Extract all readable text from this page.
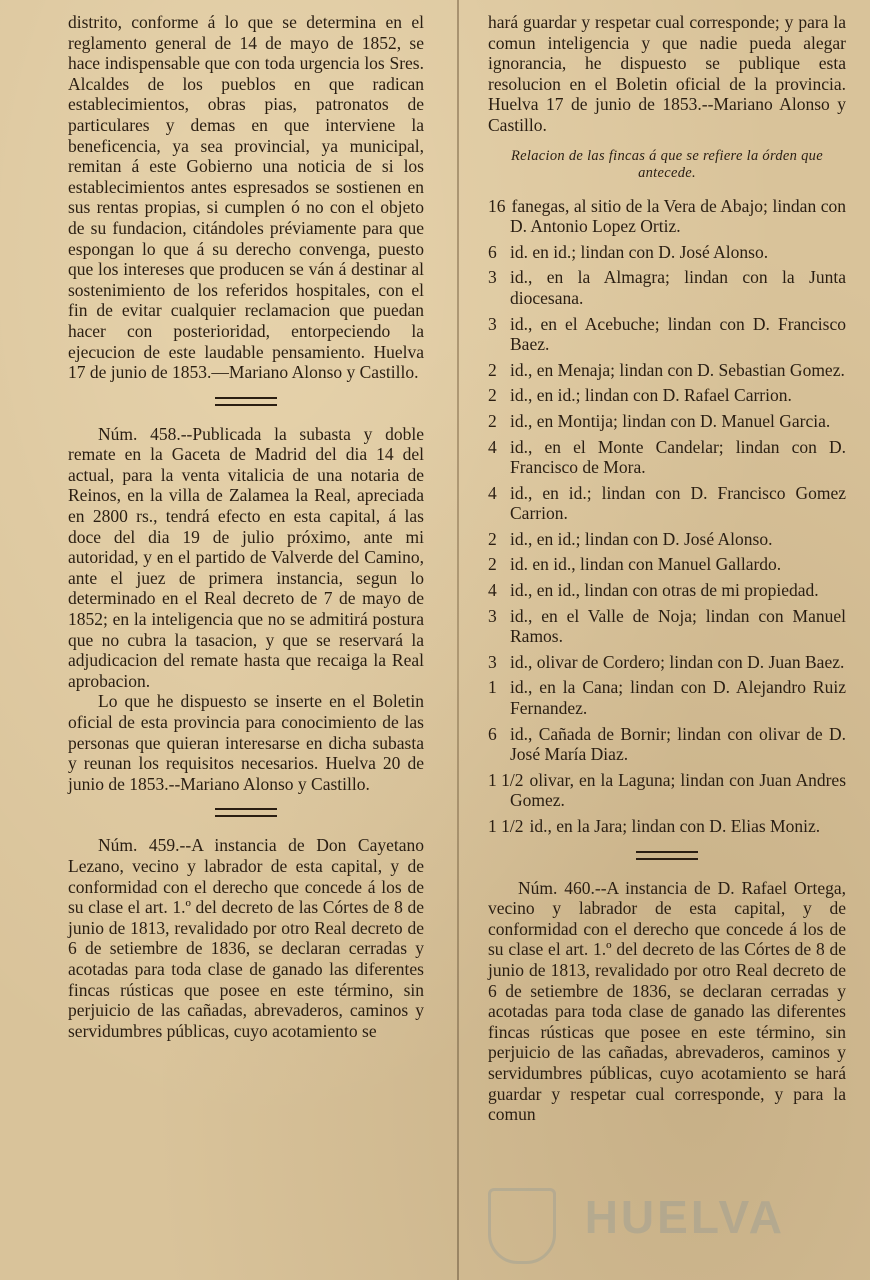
distrito, conforme á lo que se determina en el reglamento general de 14 de mayo de 1852, se hace indispensable que con toda urgencia los Sres. Alcaldes de los pueblos en que radican establecimientos, obras pias, patronatos de particulares y demas en que interviene la beneficencia, ya sea provincial, ya municipal, remitan á este Gobierno una noticia de si los establecimientos antes espresados se sostienen en sus rentas propias, si cumplen ó no con el objeto de su fundacion, citándoles préviamente para que espongan lo que á su derecho convenga, puesto que los intereses que producen se ván á destinar al sostenimiento de los referidos hospitales, con el fin de evitar cualquier reclamacion que puedan hacer con posterioridad, entorpeciendo la ejecucion de este laudable pensamiento. Huelva 17 de junio de 1853.—Mariano Alonso y Castillo.

Núm. 458.--Publicada la subasta y doble remate en la Gaceta de Madrid del dia 14 del actual, para la venta vitalicia de una notaria de Reinos, en la villa de Zalamea la Real, apreciada en 2800 rs., tendrá efecto en esta capital, á las doce del dia 19 de julio próximo, ante mi autoridad, y en el partido de Valverde del Camino, ante el juez de primera instancia, segun lo determinado en el Real decreto de 7 de mayo de 1852; en la inteligencia que no se admitirá postura que no cubra la tasacion, y que se reservará la adjudicacion del remate hasta que recaiga la Real aprobacion.

Lo que he dispuesto se inserte en el Boletin oficial de esta provincia para conocimiento de las personas que quieran interesarse en dicha subasta y reunan los requisitos necesarios. Huelva 20 de junio de 1853.--Mariano Alonso y Castillo.

Núm. 459.--A instancia de Don Cayetano Lezano, vecino y labrador de esta capital, y de conformidad con el derecho que concede á los de su clase el art. 1.º del decreto de las Córtes de 8 de junio de 1813, revalidado por otro Real decreto de 6 de setiembre de 1836, se declaran cerradas y acotadas para toda clase de ganado las diferentes fincas rústicas que posee en este término, sin perjuicio de las cañadas, abrevaderos, caminos y servidumbres públicas, cuyo acotamiento se

hará guardar y respetar cual corresponde; y para la comun inteligencia y que nadie pueda alegar ignorancia, he dispuesto se publique esta resolucion en el Boletin oficial de la provincia. Huelva 17 de junio de 1853.--Mariano Alonso y Castillo.

Relacion de las fincas á que se refiere la órden que antecede.

16 fanegas, al sitio de la Vera de Abajo; lindan con D. Antonio Lopez Ortiz.

6 id. en id.; lindan con D. José Alonso.

3 id., en la Almagra; lindan con la Junta diocesana.

3 id., en el Acebuche; lindan con D. Francisco Baez.

2 id., en Menaja; lindan con D. Sebastian Gomez.

2 id., en id.; lindan con D. Rafael Carrion.

2 id., en Montija; lindan con D. Manuel Garcia.

4 id., en el Monte Candelar; lindan con D. Francisco de Mora.

4 id., en id.; lindan con D. Francisco Gomez Carrion.

2 id., en id.; lindan con D. José Alonso.

2 id. en id., lindan con Manuel Gallardo.

4 id., en id., lindan con otras de mi propiedad.

3 id., en el Valle de Noja; lindan con Manuel Ramos.

3 id., olivar de Cordero; lindan con D. Juan Baez.

1 id., en la Cana; lindan con D. Alejandro Ruiz Fernandez.

6 id., Cañada de Bornir; lindan con olivar de D. José María Diaz.

1 1/2 olivar, en la Laguna; lindan con Juan Andres Gomez.

1 1/2 id., en la Jara; lindan con D. Elias Moniz.

Núm. 460.--A instancia de D. Rafael Ortega, vecino y labrador de esta capital, y de conformidad con el derecho que concede á los de su clase el art. 1.º del decreto de las Córtes de 8 de junio de 1813, revalidado por otro Real decreto de 6 de setiembre de 1836, se declaran cerradas y acotadas para toda clase de ganado las diferentes fincas rústicas que posee en este término, sin perjuicio de las cañadas, abrevaderos, caminos y servidumbres públicas, cuyo acotamiento se hará guardar y respetar cual corresponde, y para la comun

HUELVA
